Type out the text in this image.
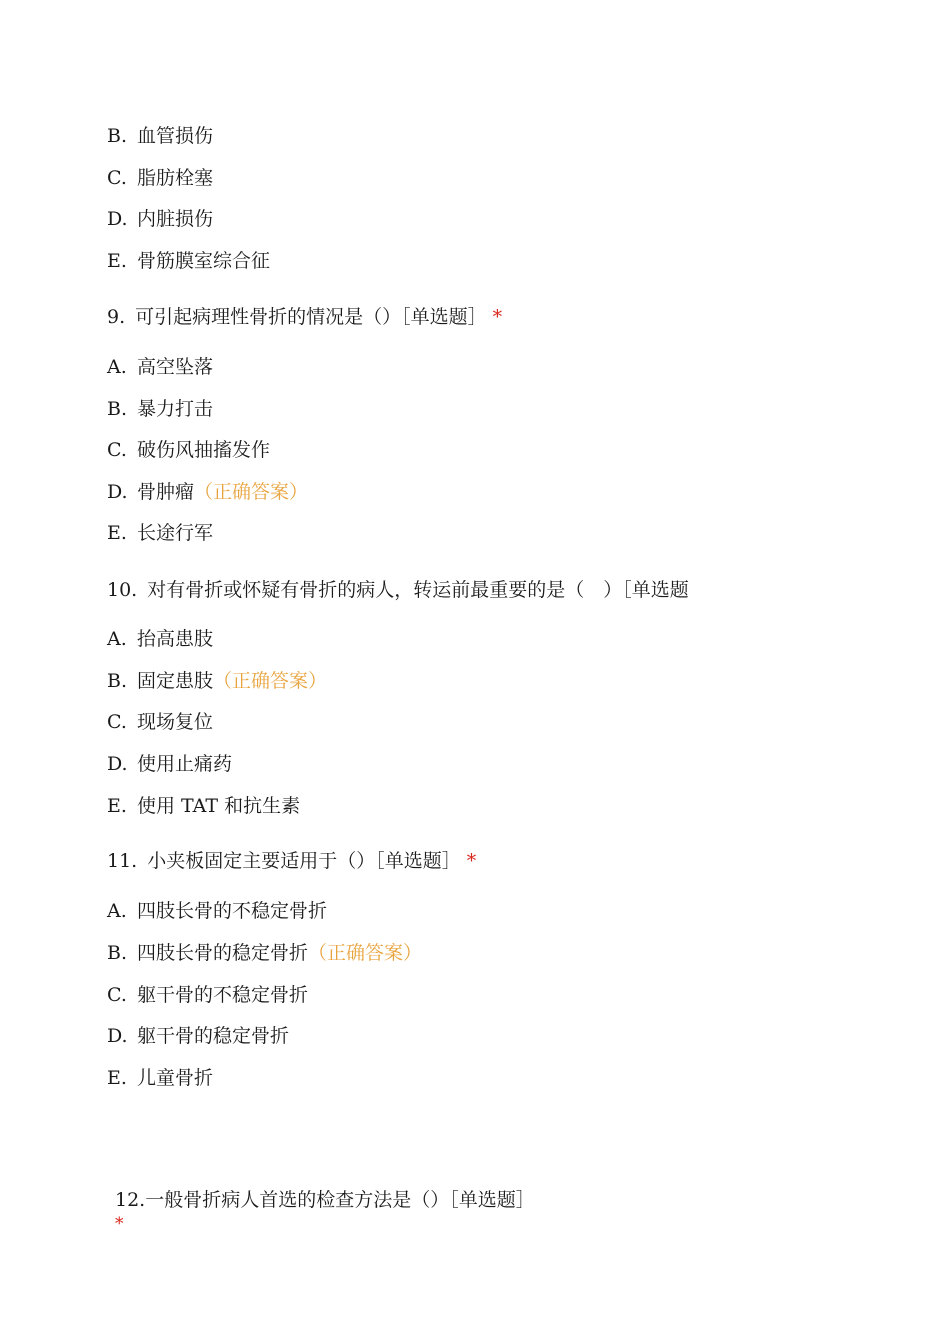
B. 血管损伤
C. 脂肪栓塞
D. 内脏损伤
E. 骨筋膜室综合征
9. 可引起病理性骨折的情况是（）［单选题］ *
A. 高空坠落
B. 暴力打击
C. 破伤风抽搐发作
D. 骨肿瘤（正确答案）
E. 长途行军
10. 对有骨折或怀疑有骨折的病人，转运前最重要的是（　）［单选题
A. 抬高患肢
B. 固定患肢（正确答案）
C. 现场复位
D. 使用止痛药
E. 使用 TAT 和抗生素
11. 小夹板固定主要适用于（）［单选题］ *
A. 四肢长骨的不稳定骨折
B. 四肢长骨的稳定骨折（正确答案）
C. 躯干骨的不稳定骨折
D. 躯干骨的稳定骨折
E. 儿童骨折
12.一般骨折病人首选的检查方法是（）［单选题］
*
